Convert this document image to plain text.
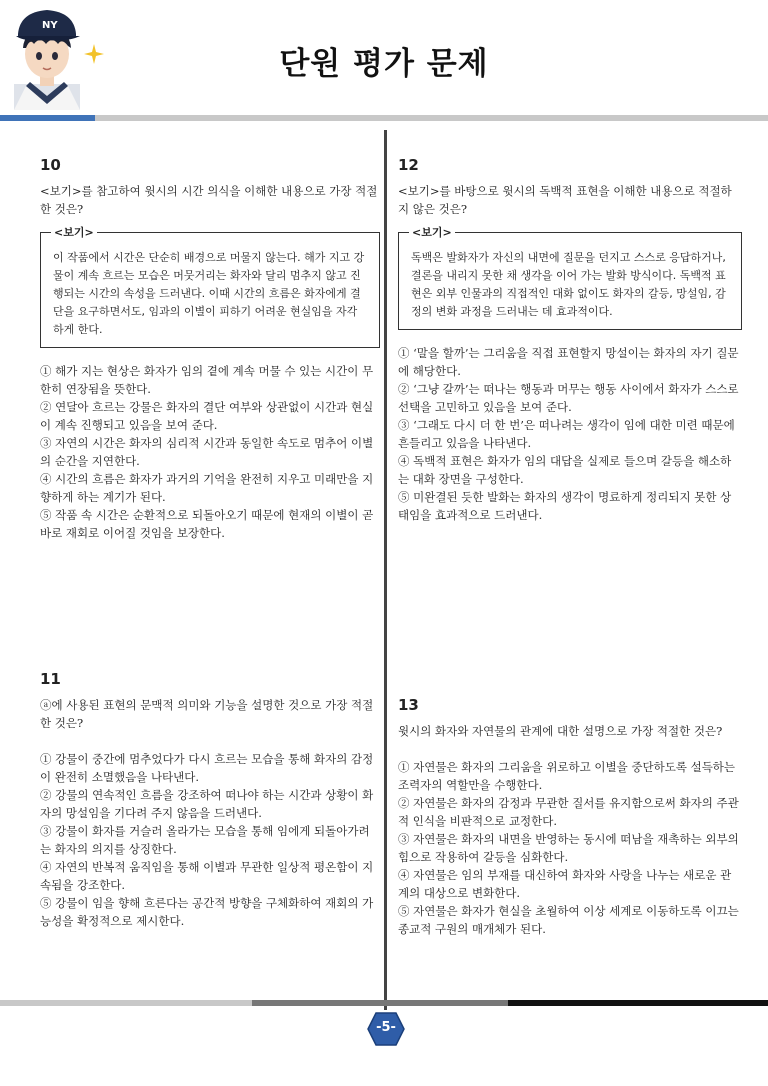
NY
단원 평가 문제
10
<보기>를 참고하여 윗시의 시간 의식을 이해한 내용으로 가장 적절한 것은?
<보기>
이 작품에서 시간은 단순히 배경으로 머물지 않는다. 해가 지고 강물이 계속 흐르는 모습은 머뭇거리는 화자와 달리 멈추지 않고 진행되는 시간의 속성을 드러낸다. 이때 시간의 흐름은 화자에게 결단을 요구하면서도, 임과의 이별이 피하기 어려운 현실임을 자각하게 한다.

① 해가 지는 현상은 화자가 임의 곁에 계속 머물 수 있는 시간이 무한히 연장됨을 뜻한다.

② 연달아 흐르는 강물은 화자의 결단 여부와 상관없이 시간과 현실이 계속 진행되고 있음을 보여 준다.

③ 자연의 시간은 화자의 심리적 시간과 동일한 속도로 멈추어 이별의 순간을 지연한다.

④ 시간의 흐름은 화자가 과거의 기억을 완전히 지우고 미래만을 지향하게 하는 계기가 된다.

⑤ 작품 속 시간은 순환적으로 되돌아오기 때문에 현재의 이별이 곧바로 재회로 이어질 것임을 보장한다.

11
ⓐ에 사용된 표현의 문맥적 의미와 기능을 설명한 것으로 가장 적절한 것은?

① 강물이 중간에 멈추었다가 다시 흐르는 모습을 통해 화자의 감정이 완전히 소멸했음을 나타낸다.

② 강물의 연속적인 흐름을 강조하여 떠나야 하는 시간과 상황이 화자의 망설임을 기다려 주지 않음을 드러낸다.

③ 강물이 화자를 거슬러 올라가는 모습을 통해 임에게 되돌아가려는 화자의 의지를 상징한다.

④ 자연의 반복적 움직임을 통해 이별과 무관한 일상적 평온함이 지속됨을 강조한다.

⑤ 강물이 임을 향해 흐른다는 공간적 방향을 구체화하여 재회의 가능성을 확정적으로 제시한다.

12
<보기>를 바탕으로 윗시의 독백적 표현을 이해한 내용으로 적절하지 않은 것은?
<보기>
독백은 발화자가 자신의 내면에 질문을 던지고 스스로 응답하거나, 결론을 내리지 못한 채 생각을 이어 가는 발화 방식이다. 독백적 표현은 외부 인물과의 직접적인 대화 없이도 화자의 갈등, 망설임, 감정의 변화 과정을 드러내는 데 효과적이다.

① ‘말을 할까’는 그리움을 직접 표현할지 망설이는 화자의 자기 질문에 해당한다.

② ‘그냥 갈까’는 떠나는 행동과 머무는 행동 사이에서 화자가 스스로 선택을 고민하고 있음을 보여 준다.

③ ‘그래도 다시 더 한 번’은 떠나려는 생각이 임에 대한 미련 때문에 흔들리고 있음을 나타낸다.

④ 독백적 표현은 화자가 임의 대답을 실제로 들으며 갈등을 해소하는 대화 장면을 구성한다.

⑤ 미완결된 듯한 발화는 화자의 생각이 명료하게 정리되지 못한 상태임을 효과적으로 드러낸다.

13
윗시의 화자와 자연물의 관계에 대한 설명으로 가장 적절한 것은?

① 자연물은 화자의 그리움을 위로하고 이별을 중단하도록 설득하는 조력자의 역할만을 수행한다.

② 자연물은 화자의 감정과 무관한 질서를 유지함으로써 화자의 주관적 인식을 비판적으로 교정한다.

③ 자연물은 화자의 내면을 반영하는 동시에 떠남을 재촉하는 외부의 힘으로 작용하여 갈등을 심화한다.

④ 자연물은 임의 부재를 대신하여 화자와 사랑을 나누는 새로운 관계의 대상으로 변화한다.

⑤ 자연물은 화자가 현실을 초월하여 이상 세계로 이동하도록 이끄는 종교적 구원의 매개체가 된다.

-5-
